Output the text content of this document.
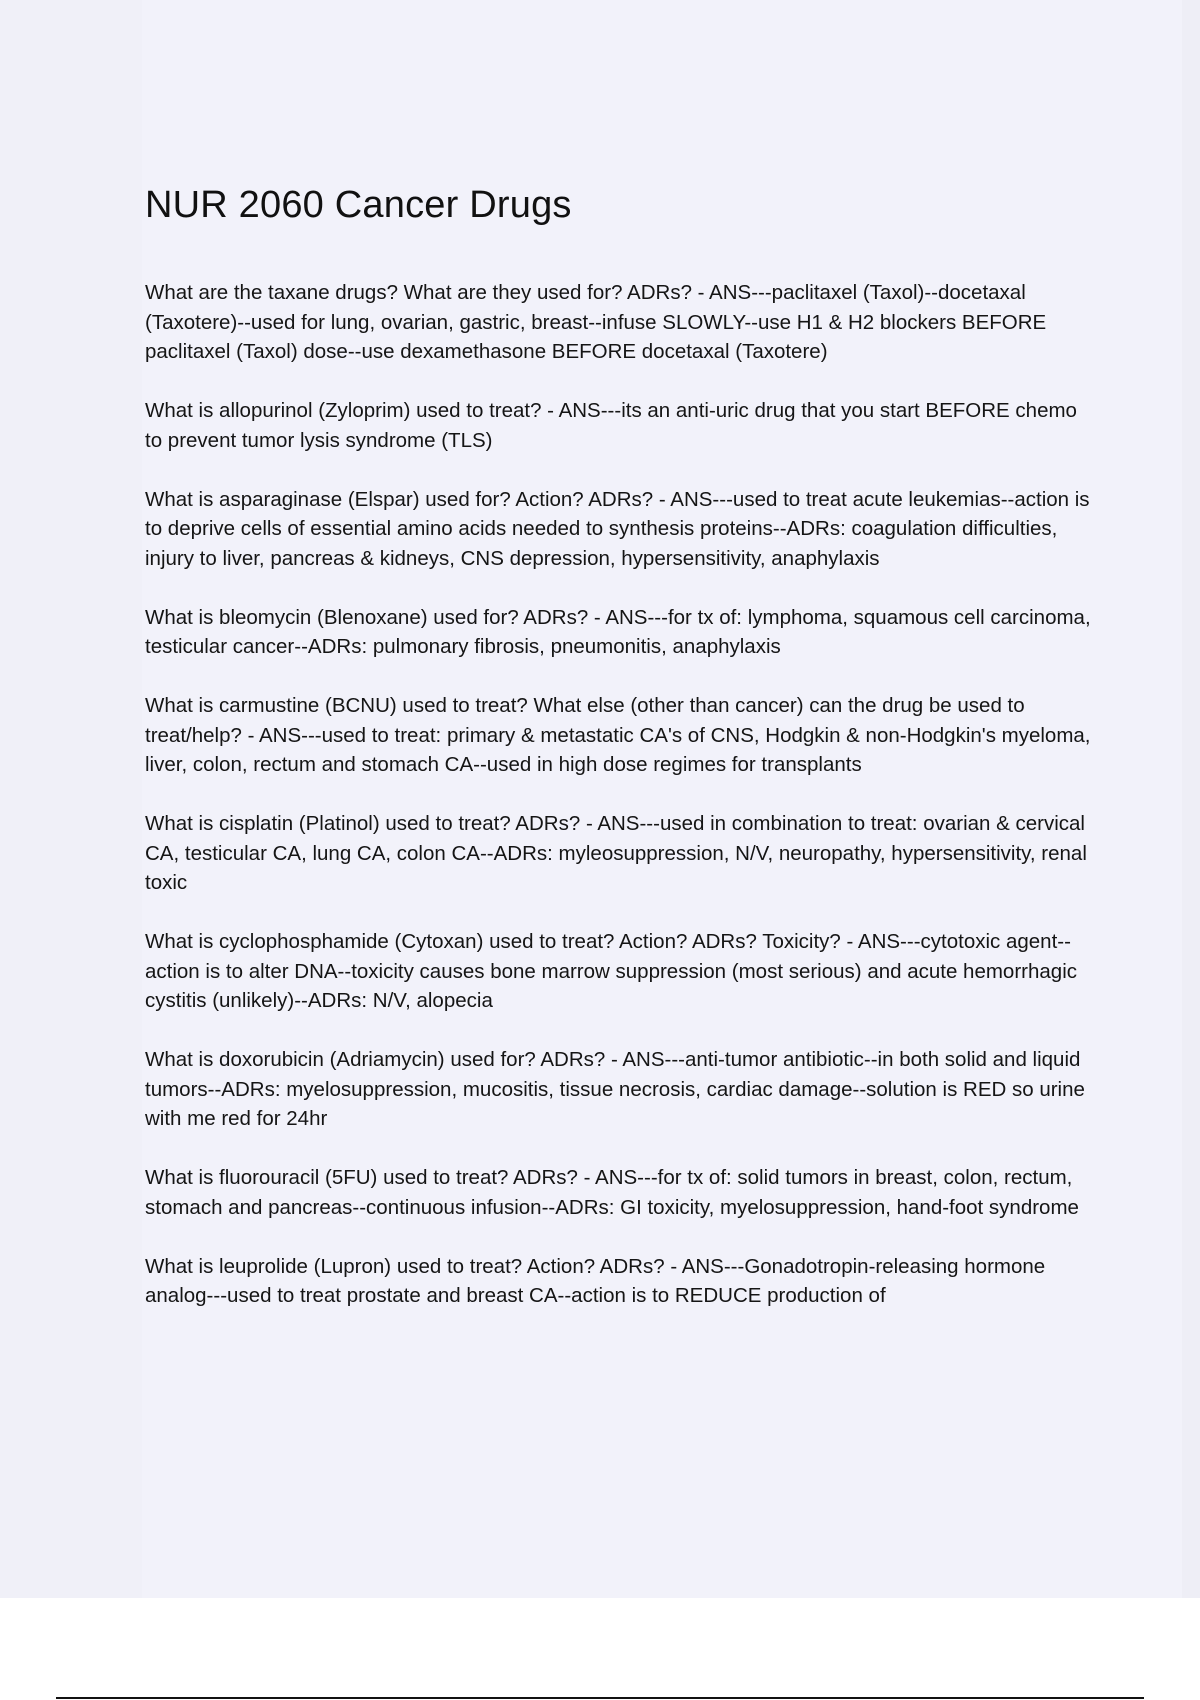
NUR 2060 Cancer Drugs
What are the taxane drugs? What are they used for? ADRs? - ANS---paclitaxel (Taxol)--docetaxal (Taxotere)--used for lung, ovarian, gastric, breast--infuse SLOWLY--use H1 & H2 blockers BEFORE paclitaxel (Taxol) dose--use dexamethasone BEFORE docetaxal (Taxotere)
What is allopurinol (Zyloprim) used to treat? - ANS---its an anti-uric drug that you start BEFORE chemo to prevent tumor lysis syndrome (TLS)
What is asparaginase (Elspar) used for? Action? ADRs? - ANS---used to treat acute leukemias--action is to deprive cells of essential amino acids needed to synthesis proteins--ADRs: coagulation difficulties, injury to liver, pancreas & kidneys, CNS depression, hypersensitivity, anaphylaxis
What is bleomycin (Blenoxane) used for? ADRs? - ANS---for tx of: lymphoma, squamous cell carcinoma, testicular cancer--ADRs: pulmonary fibrosis, pneumonitis, anaphylaxis
What is carmustine (BCNU) used to treat? What else (other than cancer) can the drug be used to treat/help? - ANS---used to treat: primary & metastatic CA's of CNS, Hodgkin & non-Hodgkin's myeloma, liver, colon, rectum and stomach CA--used in high dose regimes for transplants
What is cisplatin (Platinol) used to treat? ADRs? - ANS---used in combination to treat: ovarian & cervical CA, testicular CA, lung CA, colon CA--ADRs: myleosuppression, N/V, neuropathy, hypersensitivity, renal toxic
What is cyclophosphamide (Cytoxan) used to treat? Action? ADRs? Toxicity? - ANS---cytotoxic agent--action is to alter DNA--toxicity causes bone marrow suppression (most serious) and acute hemorrhagic cystitis (unlikely)--ADRs: N/V, alopecia
What is doxorubicin (Adriamycin) used for? ADRs? - ANS---anti-tumor antibiotic--in both solid and liquid tumors--ADRs: myelosuppression, mucositis, tissue necrosis, cardiac damage--solution is RED so urine with me red for 24hr
What is fluorouracil (5FU) used to treat? ADRs? - ANS---for tx of: solid tumors in breast, colon, rectum, stomach and pancreas--continuous infusion--ADRs: GI toxicity, myelosuppression, hand-foot syndrome
What is leuprolide (Lupron) used to treat? Action? ADRs? - ANS---Gonadotropin-releasing hormone analog---used to treat prostate and breast CA--action is to REDUCE production of
